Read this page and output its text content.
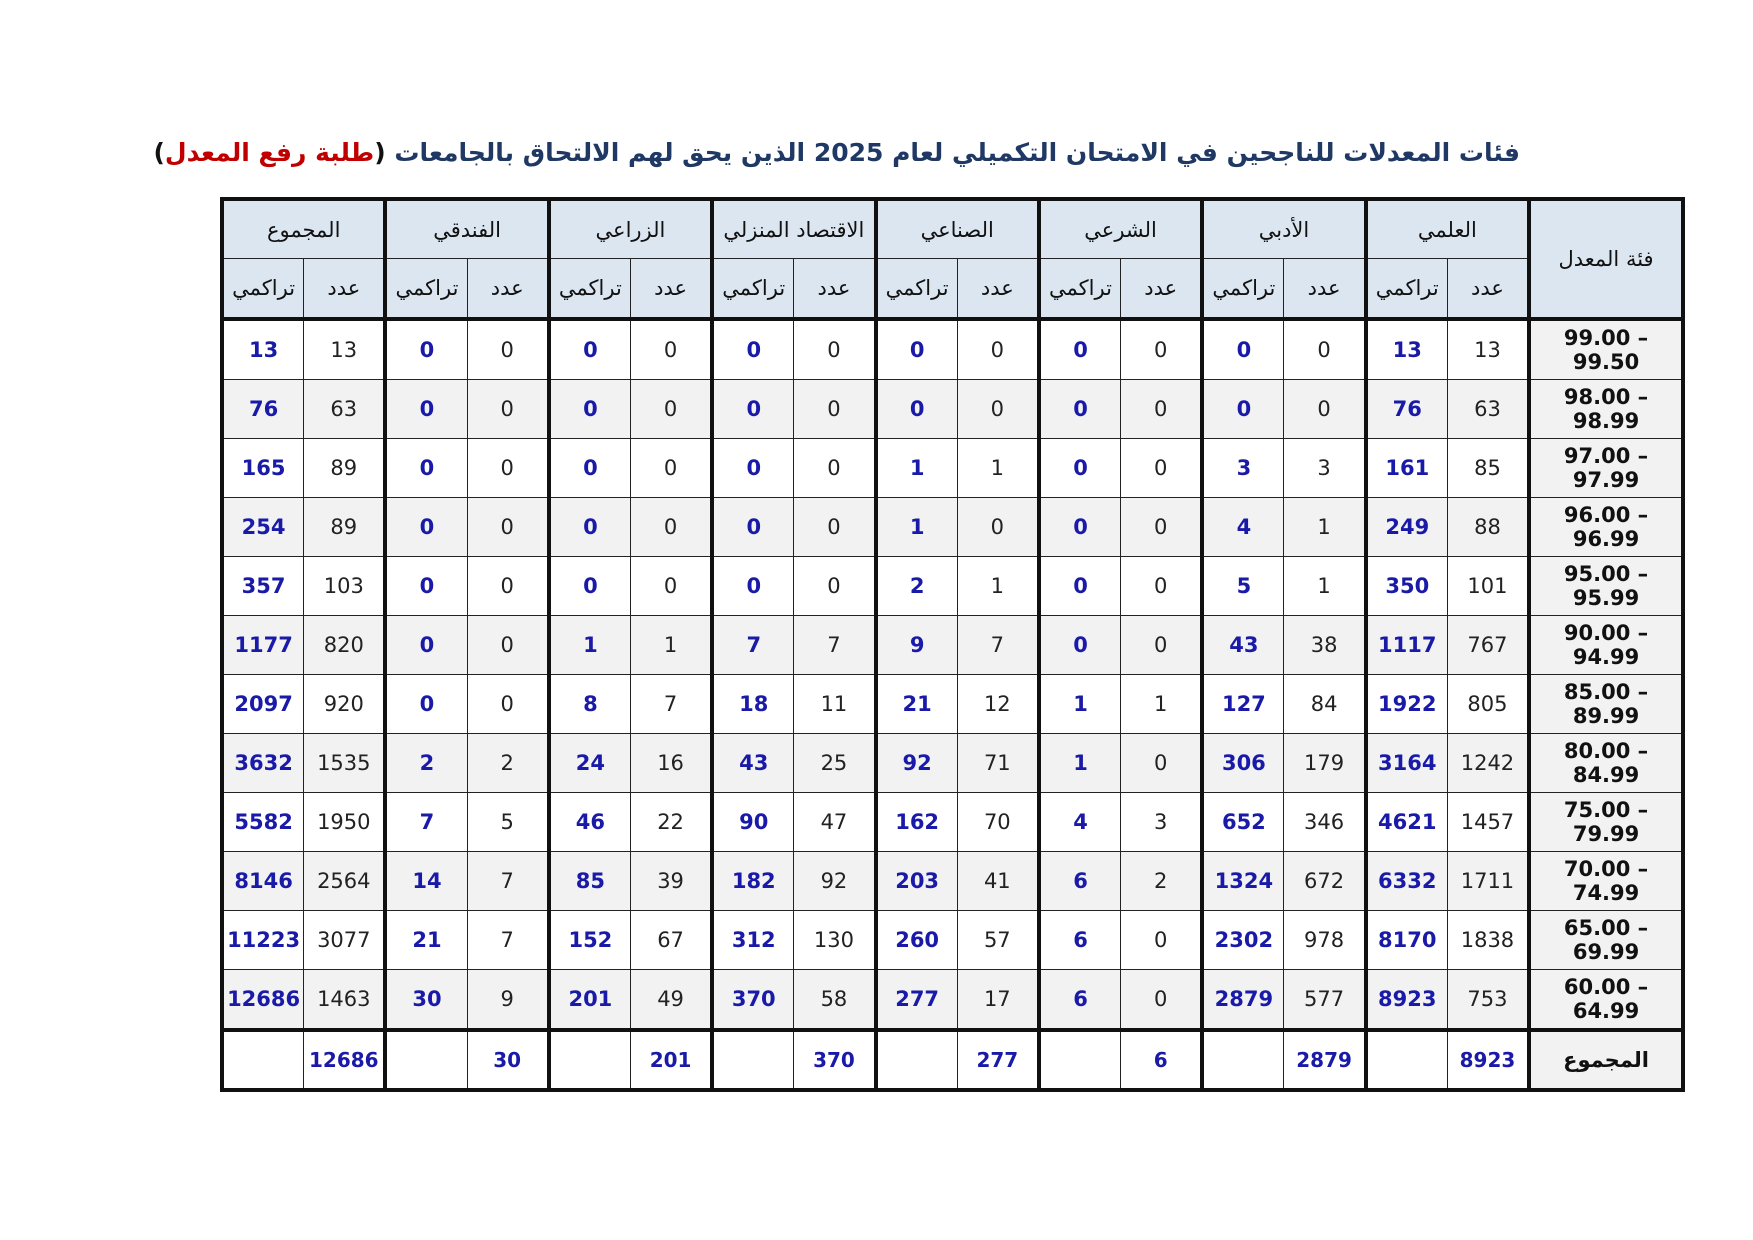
فئات المعدلات للناجحين في الامتحان التكميلي لعام 2025 الذين يحق لهم الالتحاق بالجامعات (طلبة رفع المعدل)
فئة المعدل	العلمي		الأدبي		الشرعي		الصناعي		الاقتصاد المنزلي		الزراعي		الفندقي		المجموع	
	عدد	تراكمي	عدد	تراكمي	عدد	تراكمي	عدد	تراكمي	عدد	تراكمي	عدد	تراكمي	عدد	تراكمي	عدد	تراكمي
99.00 – 99.50	13	13	0	0	0	0	0	0	0	0	0	0	0	0	13	13
98.00 – 98.99	63	76	0	0	0	0	0	0	0	0	0	0	0	0	63	76
97.00 – 97.99	85	161	3	3	0	0	1	1	0	0	0	0	0	0	89	165
96.00 – 96.99	88	249	1	4	0	0	0	1	0	0	0	0	0	0	89	254
95.00 – 95.99	101	350	1	5	0	0	1	2	0	0	0	0	0	0	103	357
90.00 – 94.99	767	1117	38	43	0	0	7	9	7	7	1	1	0	0	820	1177
85.00 – 89.99	805	1922	84	127	1	1	12	21	11	18	7	8	0	0	920	2097
80.00 – 84.99	1242	3164	179	306	0	1	71	92	25	43	16	24	2	2	1535	3632
75.00 – 79.99	1457	4621	346	652	3	4	70	162	47	90	22	46	5	7	1950	5582
70.00 – 74.99	1711	6332	672	1324	2	6	41	203	92	182	39	85	7	14	2564	8146
65.00 – 69.99	1838	8170	978	2302	0	6	57	260	130	312	67	152	7	21	3077	11223
60.00 – 64.99	753	8923	577	2879	0	6	17	277	58	370	49	201	9	30	1463	12686
المجموع	8923		2879		6		277		370		201		30		12686	
